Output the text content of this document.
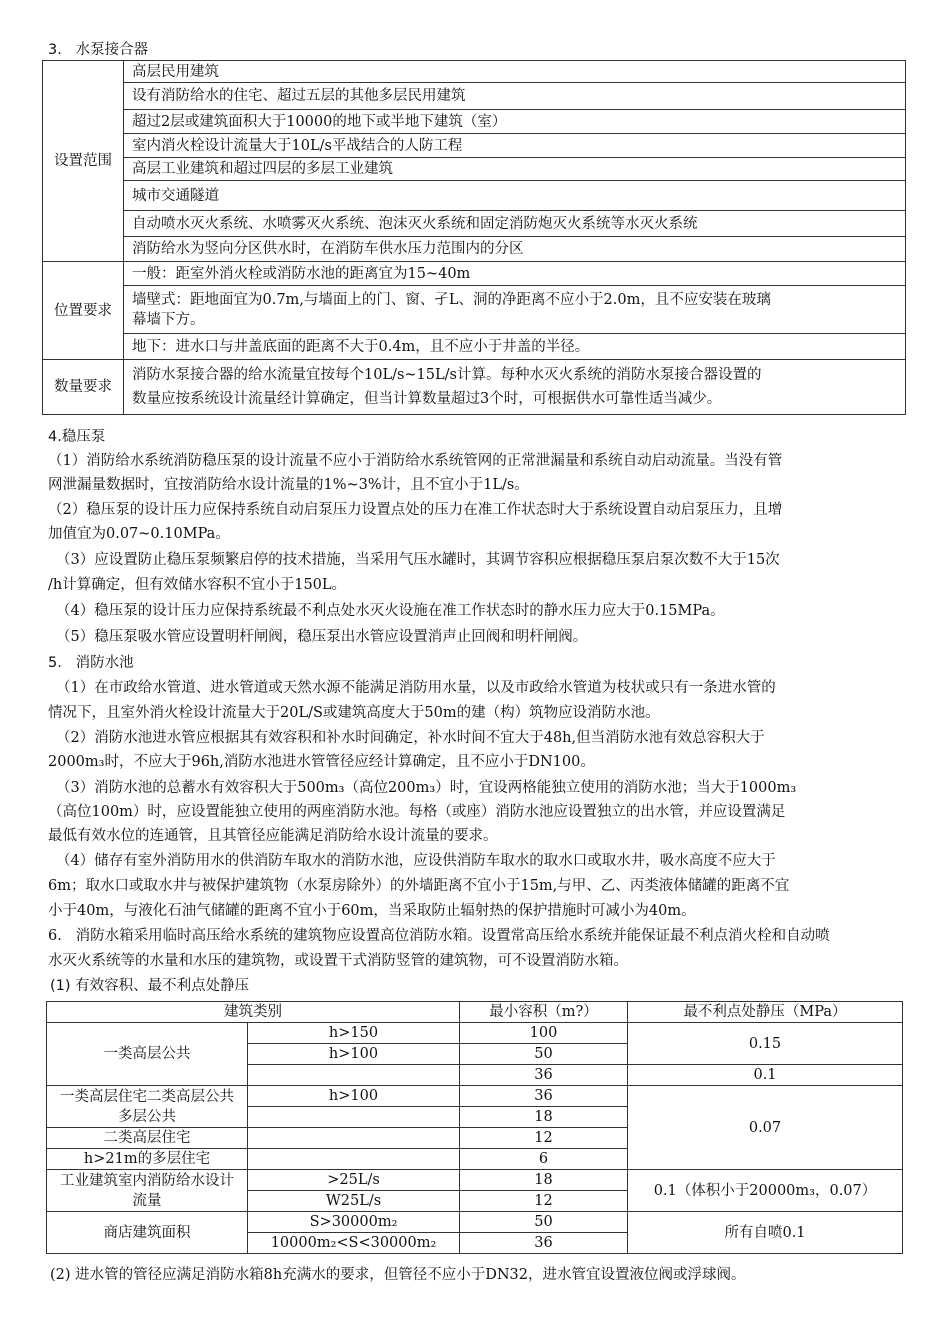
3.   水泵接合器
设置范围	高层民用建筑
	设有消防给水的住宅、超过五层的其他多层民用建筑
	超过2层或建筑面积大于10000的地下或半地下建筑（室）
	室内消火栓设计流量大于10L/s平战结合的人防工程
	高层工业建筑和超过四层的多层工业建筑
	城市交通隧道
	自动喷水灭火系统、水喷雾灭火系统、泡沫灭火系统和固定消防炮灭火系统等水灭火系统
	消防给水为竖向分区供水时，在消防车供水压力范围内的分区
位置要求	一般：距室外消火栓或消防水池的距离宜为15~40m

	墙壁式：距地面宜为0.7m,与墙面上的门、窗、孑L、洞的净距离不应小于2.0m，且不应安装在玻璃
幕墙下方。

	地下：进水口与井盖底面的距离不大于0.4m，且不应小于井盖的半径。
数量要求	消防水泵接合器的给水流量宜按每个10L/s~15L/s计算。每种水灭火系统的消防水泵接合器设置的
数量应按系统设计流量经计算确定，但当计算数量超过3个时，可根据供水可靠性适当减少。
4.稳压泵
（1）消防给水系统消防稳压泵的设计流量不应小于消防给水系统管网的正常泄漏量和系统自动启动流量。当没有管
网泄漏量数据时，宜按消防给水设计流量的1%~3%计，且不宜小于1L/s。
（2）稳压泵的设计压力应保持系统自动启泵压力设置点处的压力在准工作状态时大于系统设置自动启泵压力，且增
加值宜为0.07~0.10MPa。
（3）应设置防止稳压泵频繁启停的技术措施，当采用气压水罐时，其调节容积应根据稳压泵启泵次数不大于15次
/h计算确定，但有效储水容积不宜小于150L。
（4）稳压泵的设计压力应保持系统最不利点处水灭火设施在准工作状态时的静水压力应大于0.15MPa。
（5）稳压泵吸水管应设置明杆闸阀，稳压泵出水管应设置消声止回阀和明杆闸阀。
5.   消防水池
（1）在市政给水管道、进水管道或天然水源不能满足消防用水量，以及市政给水管道为枝状或只有一条进水管的
情况下，且室外消火栓设计流量大于20L/S或建筑高度大于50m的建（构）筑物应设消防水池。
（2）消防水池进水管应根据其有效容积和补水时间确定，补水时间不宜大于48h,但当消防水池有效总容积大于
2000m₃时，不应大于96h,消防水池进水管管径应经计算确定，且不应小于DN100。
（3）消防水池的总蓄水有效容积大于500m₃（高位200m₃）时，宜设两格能独立使用的消防水池；当大于1000m₃
（高位100m）时，应设置能独立使用的两座消防水池。每格（或座）消防水池应设置独立的出水管，并应设置满足
最低有效水位的连通管，且其管径应能满足消防给水设计流量的要求。
（4）储存有室外消防用水的供消防车取水的消防水池，应设供消防车取水的取水口或取水井，吸水高度不应大于
6m；取水口或取水井与被保护建筑物（水泵房除外）的外墙距离不宜小于15m,与甲、乙、丙类液体储罐的距离不宜
小于40m，与液化石油气储罐的距离不宜小于60m，当采取防止辐射热的保护措施时可减小为40m。
6.   消防水箱采用临时高压给水系统的建筑物应设置高位消防水箱。设置常高压给水系统并能保证最不利点消火栓和自动喷
水灭火系统等的水量和水压的建筑物，或设置干式消防竖管的建筑物，可不设置消防水箱。
(1) 有效容积、最不利点处静压
建筑类别		最小容积（m?）	最不利点处静压（MPa）
一类高层公共	h>150	100	0.15
	h>100	50	
		36	0.1
一类高层住宅二类高层公共多层公共	h>100	36	0.07
		18	
二类高层住宅		12	
h>21m的多层住宅		6	
工业建筑室内消防给水设计流量	>25L/s	18	0.1（体积小于20000m₃，0.07）
	W25L/s	12	
商店建筑面积	S>30000m₂	50	所有自喷0.1
	10000m₂<S<30000m₂	36	
(2) 进水管的管径应满足消防水箱8h充满水的要求，但管径不应小于DN32，进水管宜设置液位阀或浮球阀。
